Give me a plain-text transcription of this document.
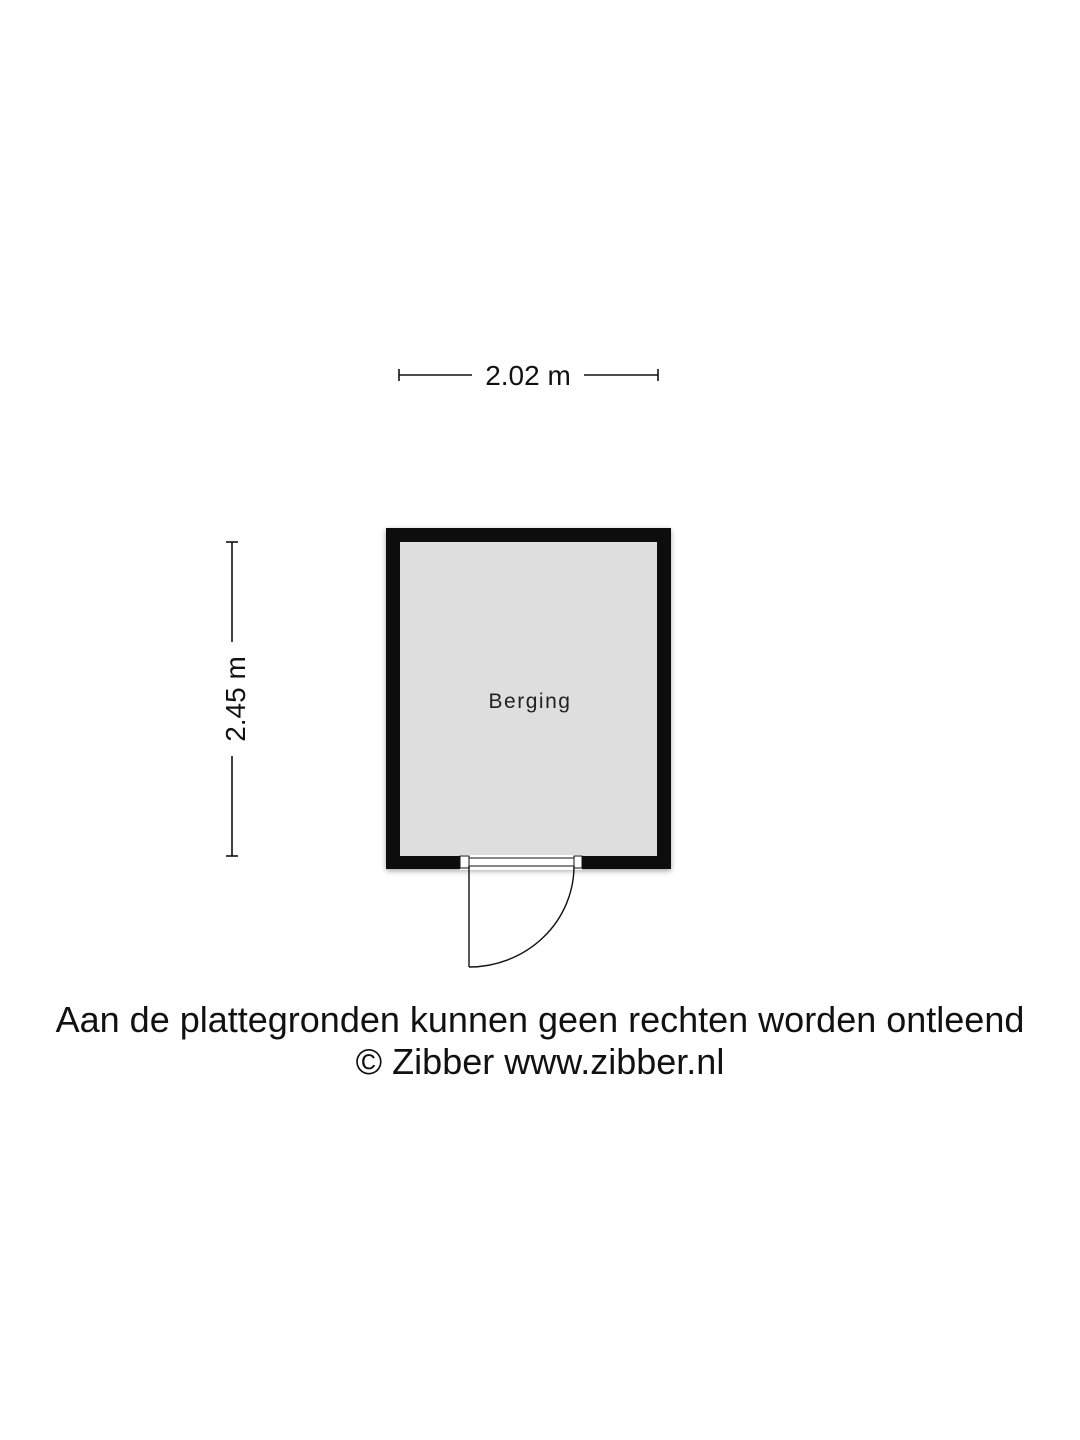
2.02 m
2.45 m	Berging
Aan de plattegronden kunnen geen rechten worden ontleend
© Zibber www.zibber.nl
